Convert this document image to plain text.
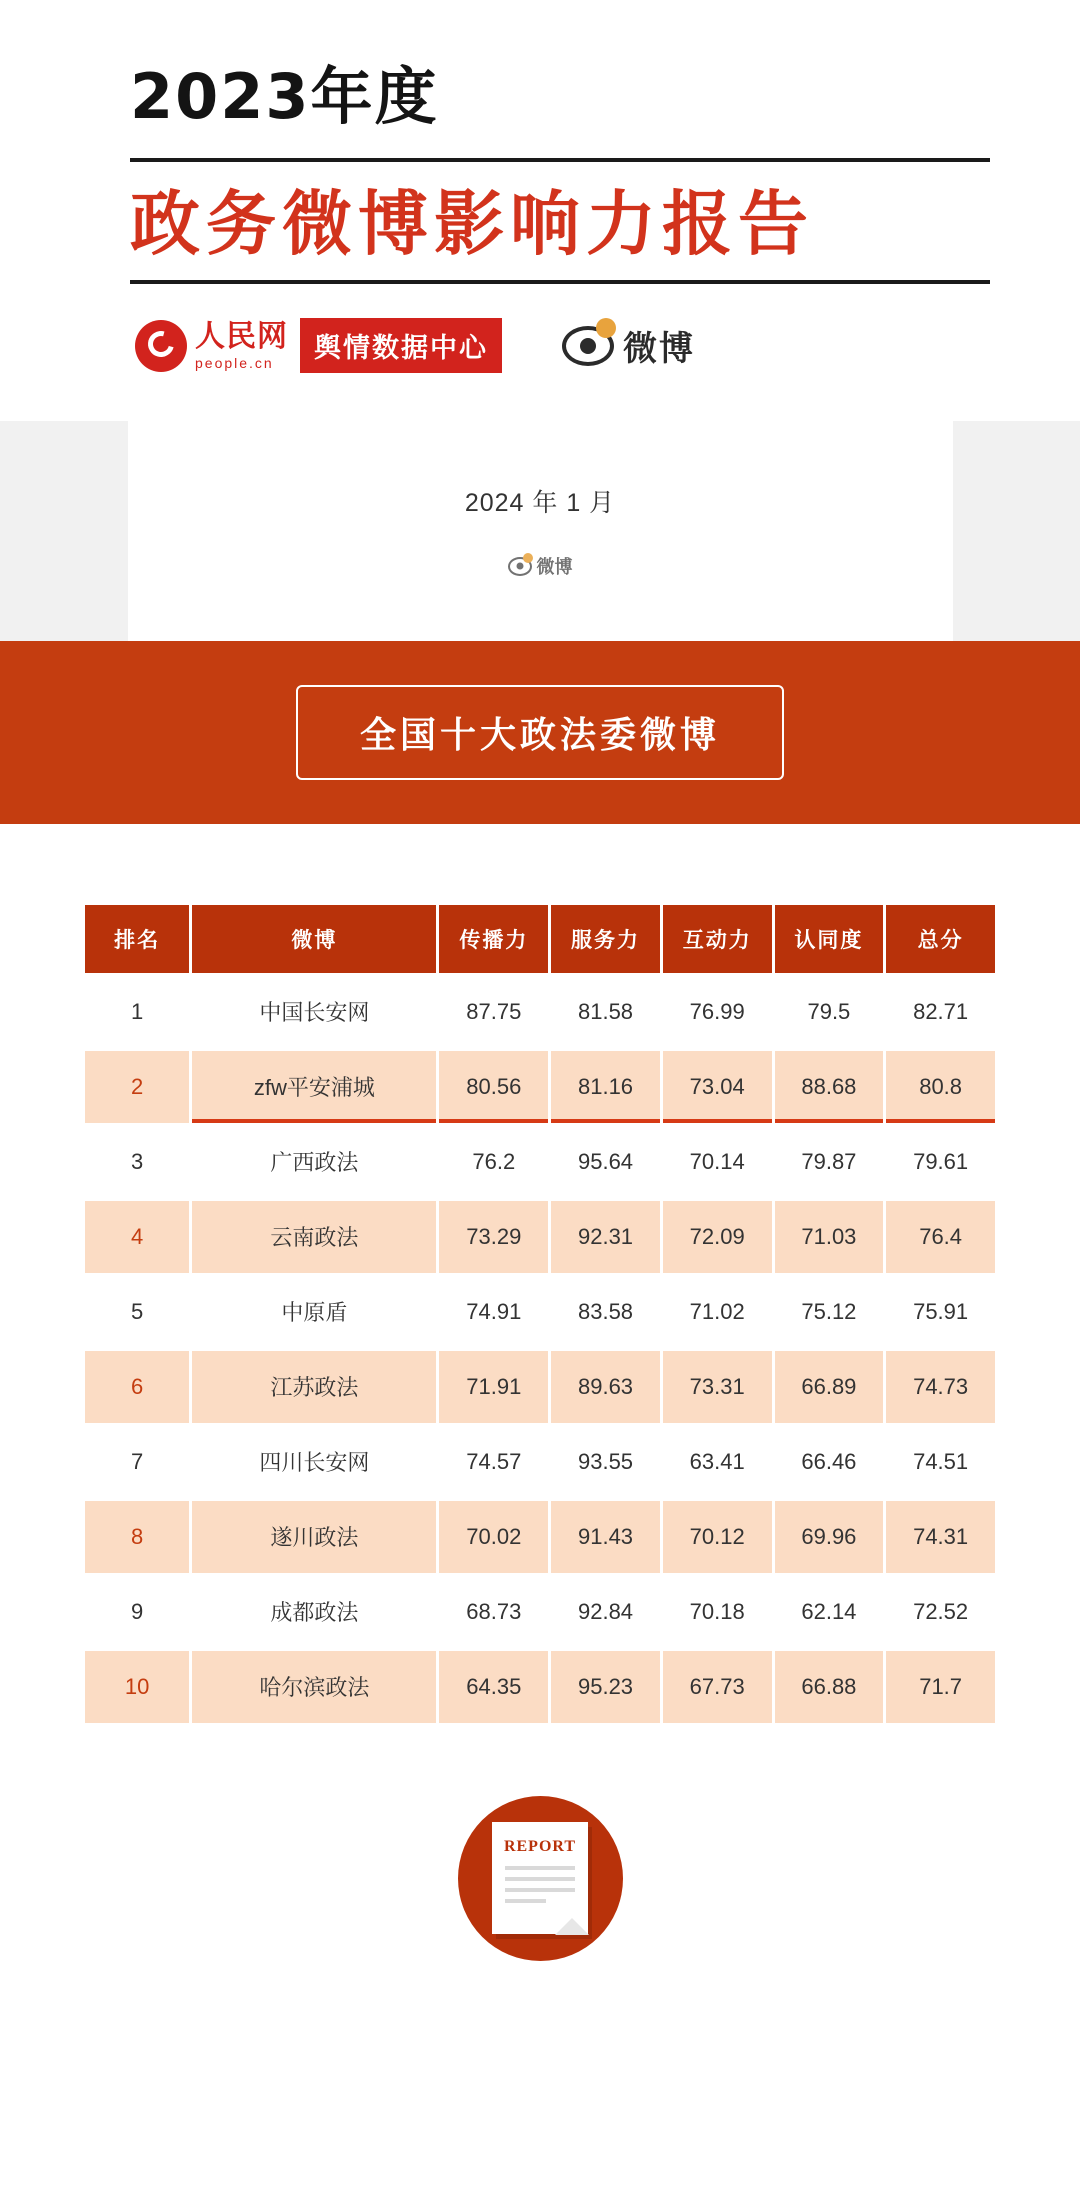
2023年度
政务微博影响力报告
人民网
people.cn	舆情数据中心	微博
2024 年 1 月
微博
全国十大政法委微博
排名	微博	传播力	服务力	互动力	认同度	总分
1	中国长安网	87.75	81.58	76.99	79.5	82.71
2	zfw平安浦城	80.56	81.16	73.04	88.68	80.8
3	广西政法	76.2	95.64	70.14	79.87	79.61
4	云南政法	73.29	92.31	72.09	71.03	76.4
5	中原盾	74.91	83.58	71.02	75.12	75.91
6	江苏政法	71.91	89.63	73.31	66.89	74.73
7	四川长安网	74.57	93.55	63.41	66.46	74.51
8	遂川政法	70.02	91.43	70.12	69.96	74.31
9	成都政法	68.73	92.84	70.18	62.14	72.52
10	哈尔滨政法	64.35	95.23	67.73	66.88	71.7
REPORT
